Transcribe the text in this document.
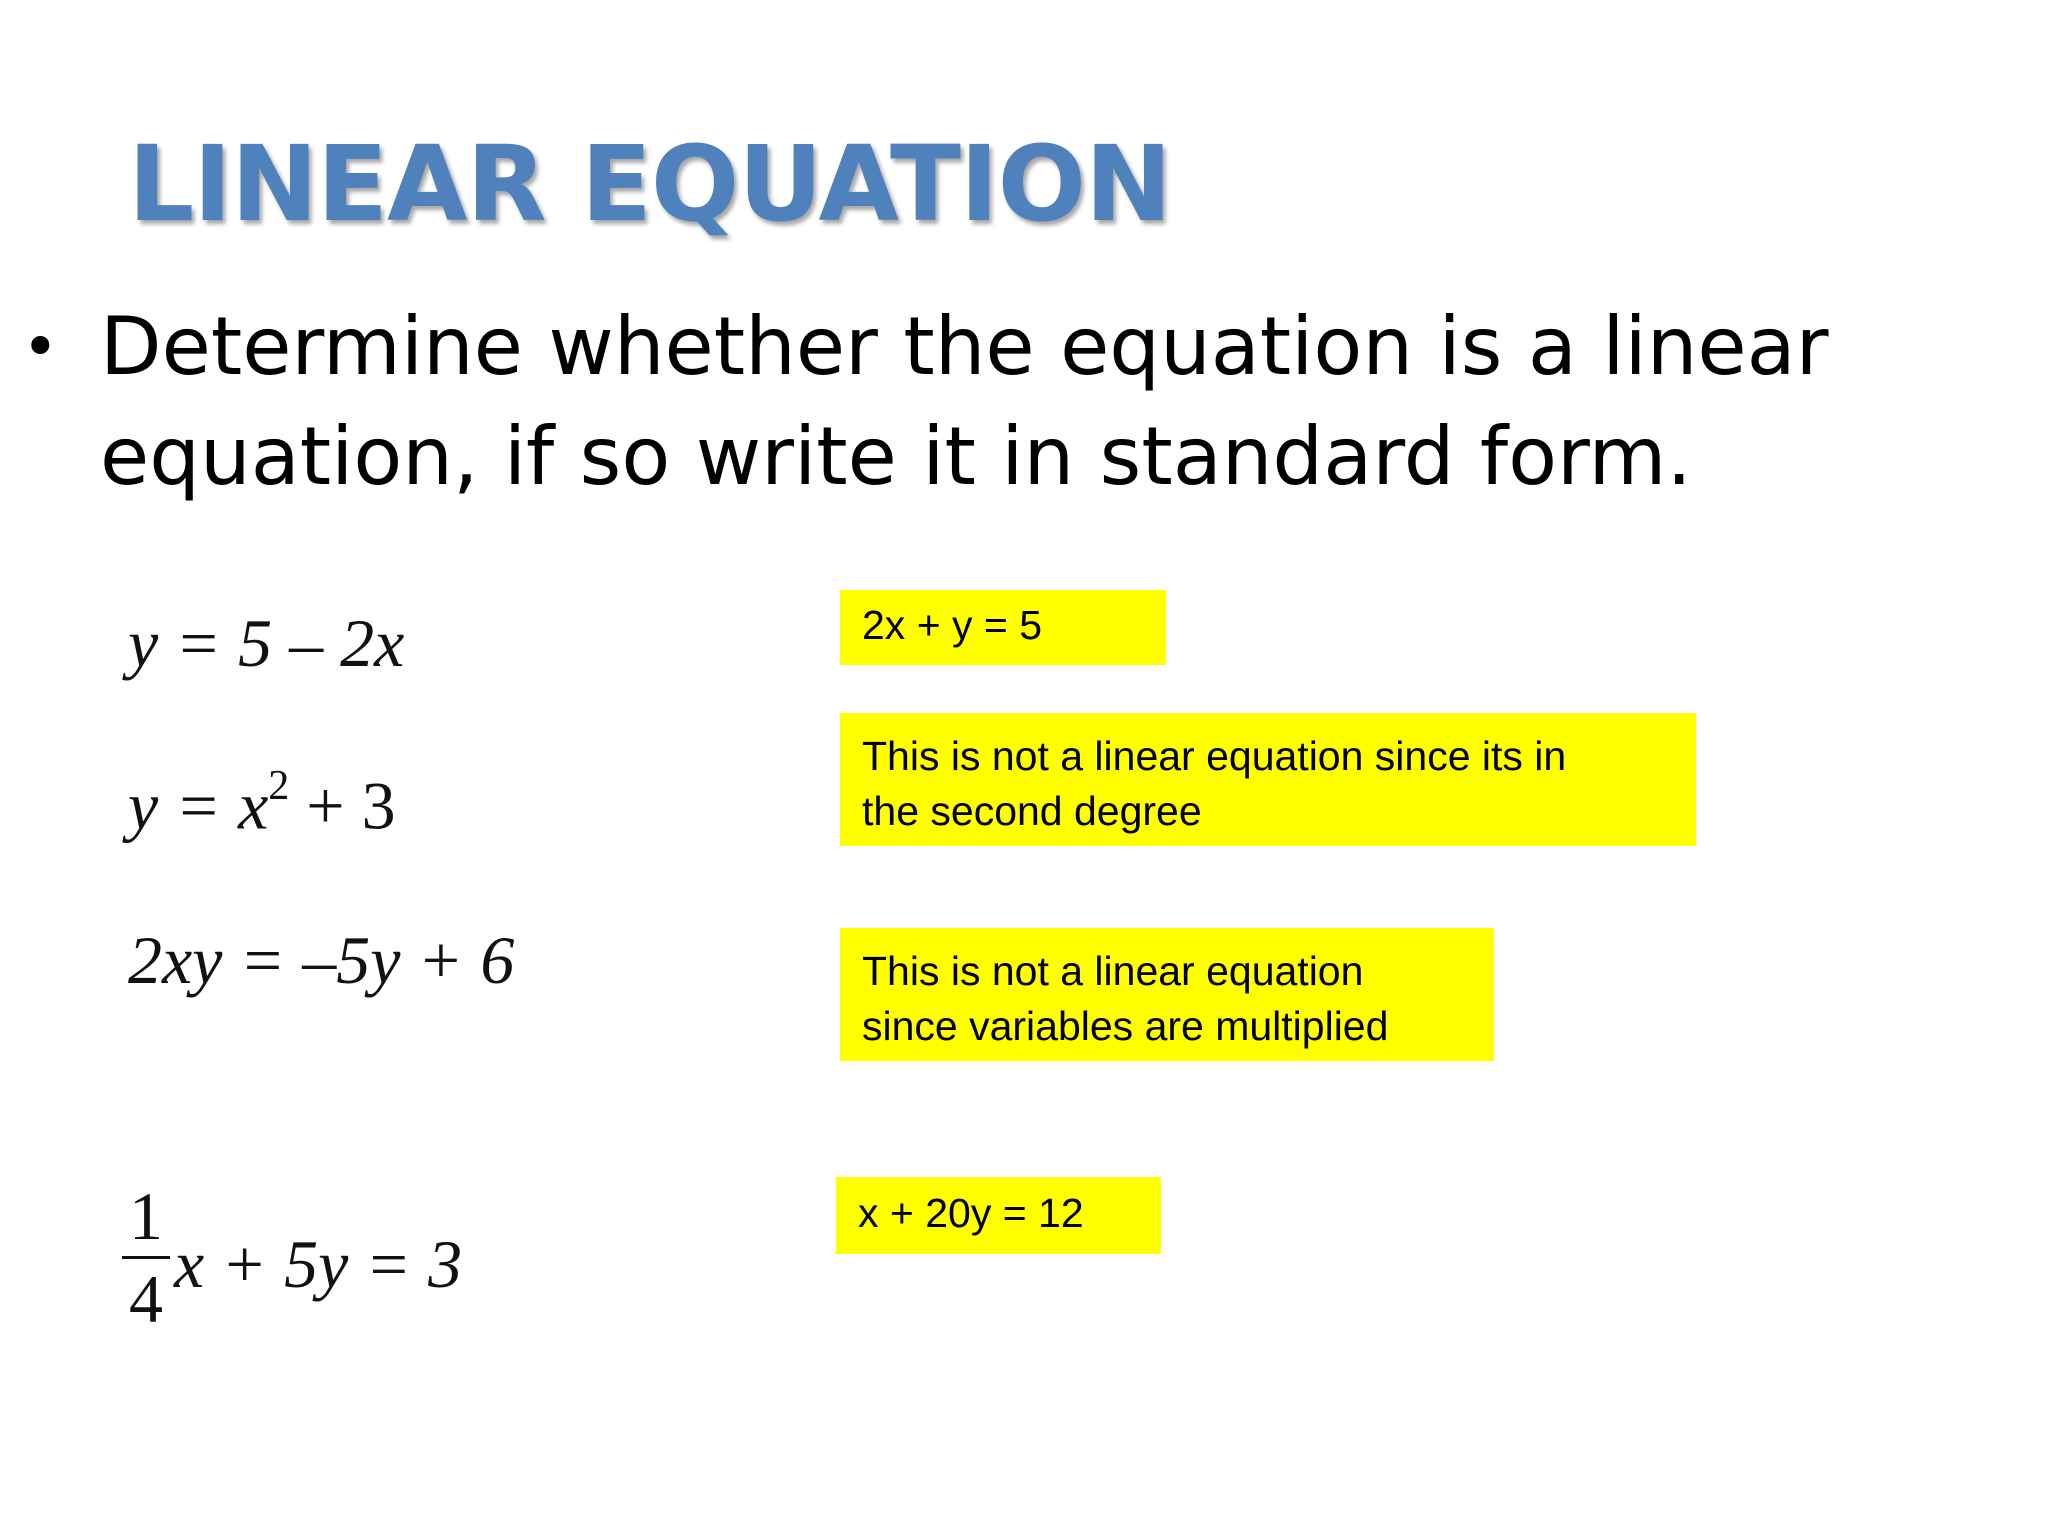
LINEAR EQUATION
• Determine whether the equation is a linear
equation, if so write it in standard form.
y = 5 – 2x
$y = x^2 + 3$
2xy = –5y + 6
$\frac{1}{4}$ x + 5y = 3
2x + y = 5
This is not a linear equation since its in
the second degree
This is not a linear equation
since variables are multiplied
x + 20y = 12
